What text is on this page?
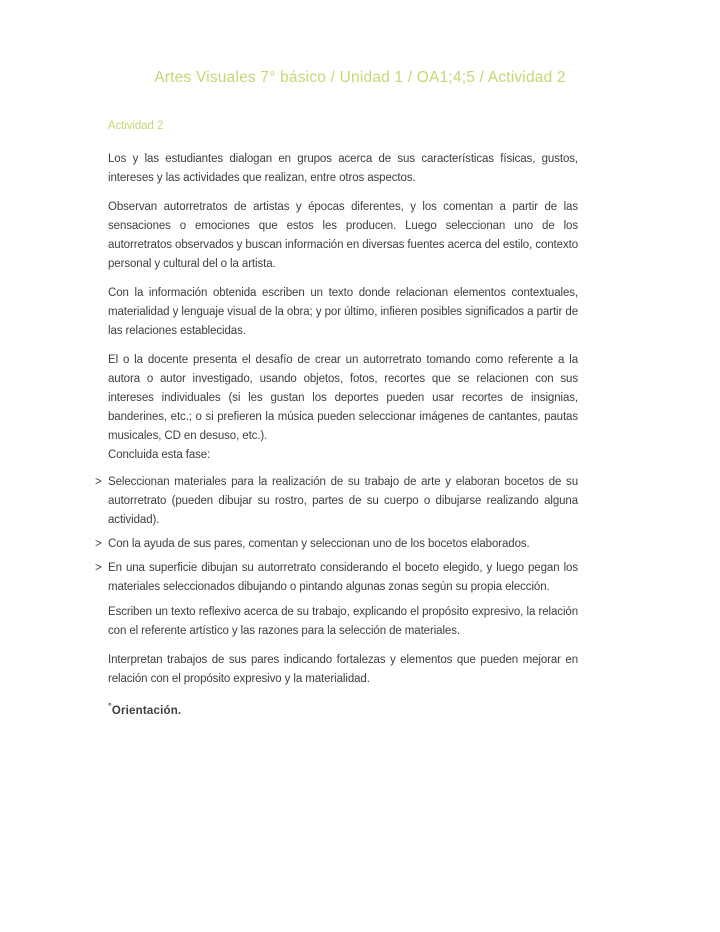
Artes Visuales 7° básico / Unidad 1 / OA1;4;5 / Actividad 2
Actividad 2

Los y las estudiantes dialogan en grupos acerca de sus características físicas, gustos, intereses y las actividades que realizan, entre otros aspectos.

Observan autorretratos de artistas y épocas diferentes, y los comentan a partir de las sensaciones o emociones que estos les producen. Luego seleccionan uno de los autorretratos observados y buscan información en diversas fuentes acerca del estilo, contexto personal y cultural del o la artista.

Con la información obtenida escriben un texto donde relacionan elementos contextuales, materialidad y lenguaje visual de la obra; y por último, infieren posibles significados a partir de las relaciones establecidas.

El o la docente presenta el desafío de crear un autorretrato tomando como referente a la autora o autor investigado, usando objetos, fotos, recortes que se relacionen con sus intereses individuales (si les gustan los deportes pueden usar recortes de insignias, banderines, etc.; o si prefieren la música pueden seleccionar imágenes de cantantes, pautas musicales, CD en desuso, etc.).

Concluida esta fase:

> Seleccionan materiales para la realización de su trabajo de arte y elaboran bocetos de su autorretrato (pueden dibujar su rostro, partes de su cuerpo o dibujarse realizando alguna actividad).
> Con la ayuda de sus pares, comentan y seleccionan uno de los bocetos elaborados.
> En una superficie dibujan su autorretrato considerando el boceto elegido, y luego pegan los materiales seleccionados dibujando o pintando algunas zonas según su propia elección.

Escriben un texto reflexivo acerca de su trabajo, explicando el propósito expresivo, la relación con el referente artístico y las razones para la selección de materiales.

Interpretan trabajos de sus pares indicando fortalezas y elementos que pueden mejorar en relación con el propósito expresivo y la materialidad.

°Orientación.
